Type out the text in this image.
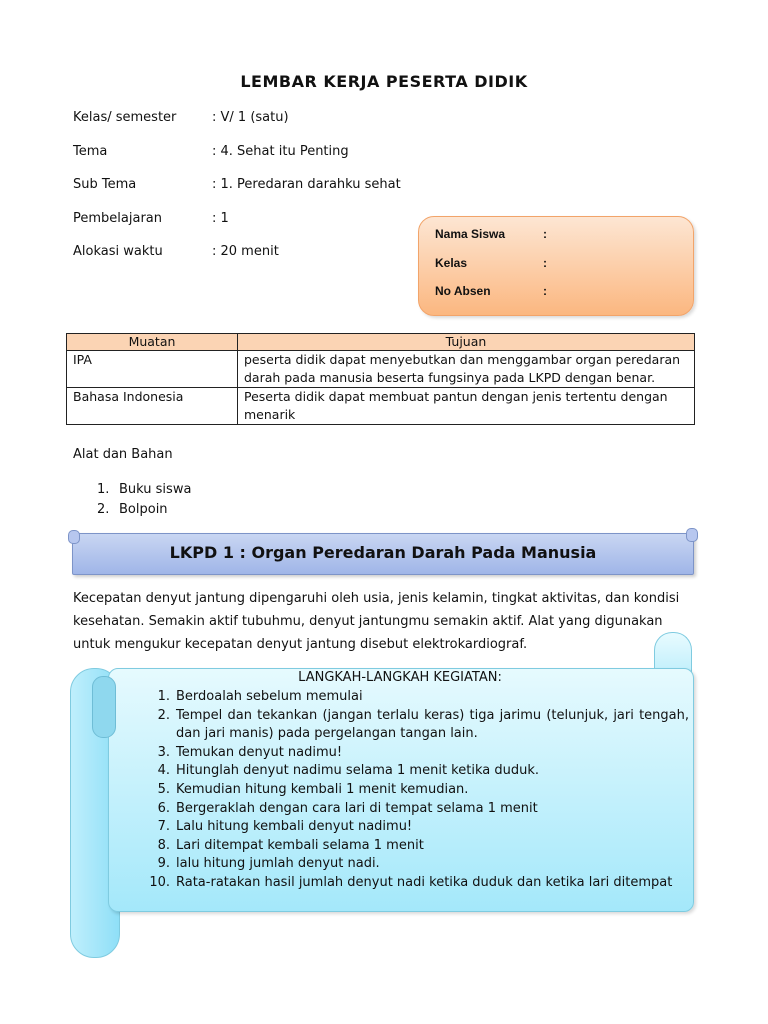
LEMBAR KERJA PESERTA DIDIK
Kelas/ semester	: V/ 1 (satu)
Tema	: 4. Sehat itu Penting
Sub Tema	: 1. Peredaran darahku sehat
Pembelajaran	: 1
Alokasi waktu	: 20 menit
Nama Siswa	:
Kelas	:
No Absen	:
Muatan	Tujuan
IPA	peserta didik dapat menyebutkan dan menggambar organ peredaran darah pada manusia beserta fungsinya pada LKPD dengan benar.
Bahasa Indonesia	Peserta didik dapat membuat pantun dengan jenis tertentu dengan menarik
Alat dan Bahan
1. Buku siswa
2. Bolpoin
LKPD 1 : Organ Peredaran Darah Pada Manusia
Kecepatan denyut jantung dipengaruhi oleh usia, jenis kelamin, tingkat aktivitas, dan kondisi kesehatan. Semakin aktif tubuhmu, denyut jantungmu semakin aktif. Alat yang digunakan untuk mengukur kecepatan denyut jantung disebut elektrokardiograf.
LANGKAH-LANGKAH KEGIATAN:
1. Berdoalah sebelum memulai
2. Tempel dan tekankan (jangan terlalu keras) tiga jarimu (telunjuk, jari tengah, dan jari manis) pada pergelangan tangan lain.
3. Temukan denyut nadimu!
4. Hitunglah denyut nadimu selama 1 menit ketika duduk.
5. Kemudian hitung kembali 1 menit kemudian.
6. Bergeraklah dengan cara lari di tempat selama 1 menit
7. Lalu hitung kembali denyut nadimu!
8. Lari ditempat kembali selama 1 menit
9. lalu hitung jumlah denyut nadi.
10. Rata-ratakan hasil jumlah denyut nadi ketika duduk dan ketika lari ditempat
